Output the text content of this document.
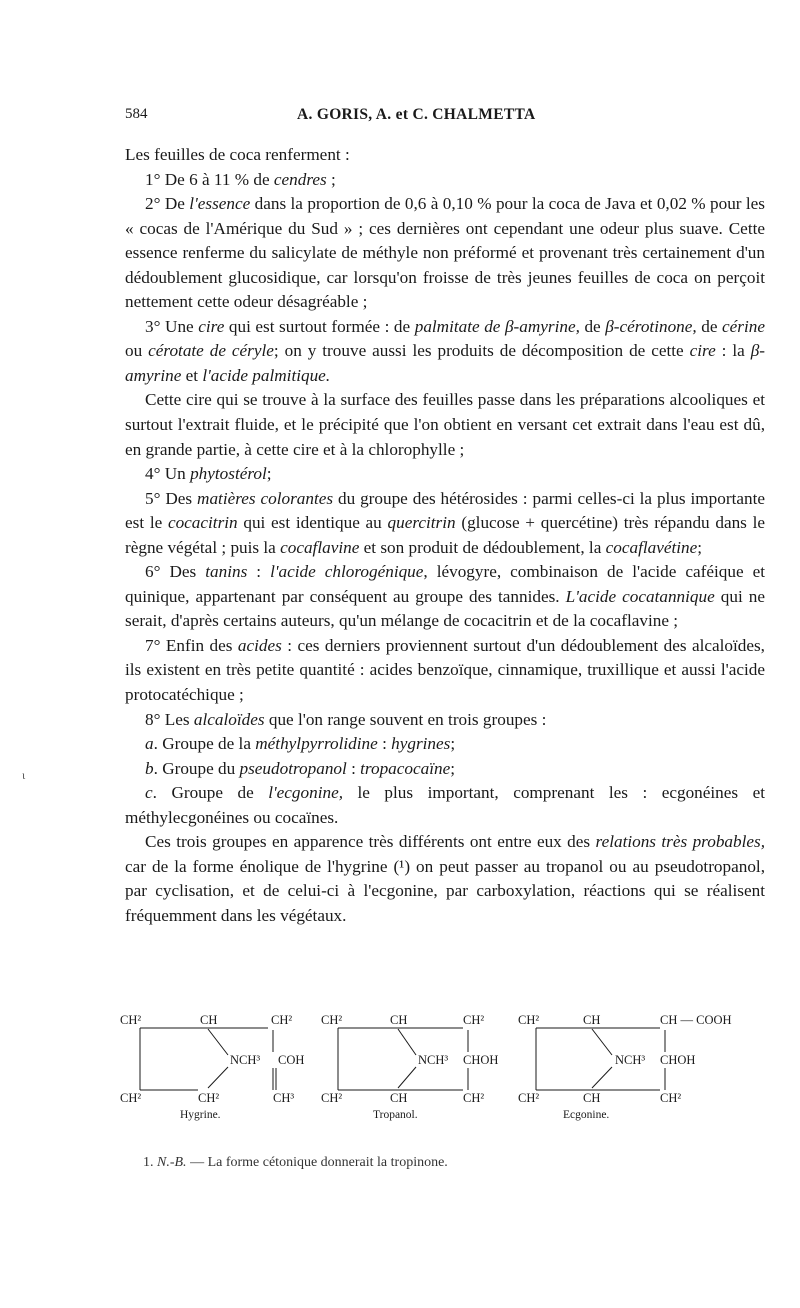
584	A. GORIS, A. et C. CHALMETTA

Les feuilles de coca renferment :

1° De 6 à 11 % de cendres ;

2° De l'essence dans la proportion de 0,6 à 0,10 % pour la coca de Java et 0,02 % pour les « cocas de l'Amérique du Sud » ; ces dernières ont cependant une odeur plus suave. Cette essence renferme du salicylate de méthyle non préformé et provenant très certainement d'un dédoublement glucosidique, car lorsqu'on froisse de très jeunes feuilles de coca on perçoit nettement cette odeur désagréable ;

3° Une cire qui est surtout formée : de palmitate de β-amyrine, de β-cérotinone, de cérine ou cérotate de céryle; on y trouve aussi les produits de décomposition de cette cire : la β-amyrine et l'acide palmitique.

Cette cire qui se trouve à la surface des feuilles passe dans les préparations alcooliques et surtout l'extrait fluide, et le précipité que l'on obtient en versant cet extrait dans l'eau est dû, en grande partie, à cette cire et à la chlorophylle ;

4° Un phytostérol;

5° Des matières colorantes du groupe des hétérosides : parmi celles-ci la plus importante est le cocacitrin qui est identique au quercitrin (glucose + quercétine) très répandu dans le règne végétal ; puis la cocaflavine et son produit de dédoublement, la cocaflavétine;

6° Des tanins : l'acide chlorogénique, lévogyre, combinaison de l'acide caféique et quinique, appartenant par conséquent au groupe des tannides. L'acide cocatannique qui ne serait, d'après certains auteurs, qu'un mélange de cocacitrin et de la cocaflavine ;

7° Enfin des acides : ces derniers proviennent surtout d'un dédoublement des alcaloïdes, ils existent en très petite quantité : acides benzoïque, cinnamique, truxillique et aussi l'acide protocatéchique ;

8° Les alcaloïdes que l'on range souvent en trois groupes :

a. Groupe de la méthylpyrrolidine : hygrines;

b. Groupe du pseudotropanol : tropacocaïne;

c. Groupe de l'ecgonine, le plus important, comprenant les : ecgonéines et méthylecgonéines ou cocaïnes.

Ces trois groupes en apparence très différents ont entre eux des relations très probables, car de la forme énolique de l'hygrine (¹) on peut passer au tropanol ou au pseudotropanol, par cyclisation, et de celui-ci à l'ecgonine, par carboxylation, réactions qui se réalisent fréquemment dans les végétaux.

ι
CH²	CH	CH²
NCH³ COH
CH²	CH²	CH³
Hygrine.
CH²	CH	CH²
NCH³ CHOH
CH²	CH	CH²
Tropanol.
CH²	CH	CH — COOH
NCH³ CHOH
CH²	CH	CH²
Ecgonine.
1. N.-B. — La forme cétonique donnerait la tropinone.
